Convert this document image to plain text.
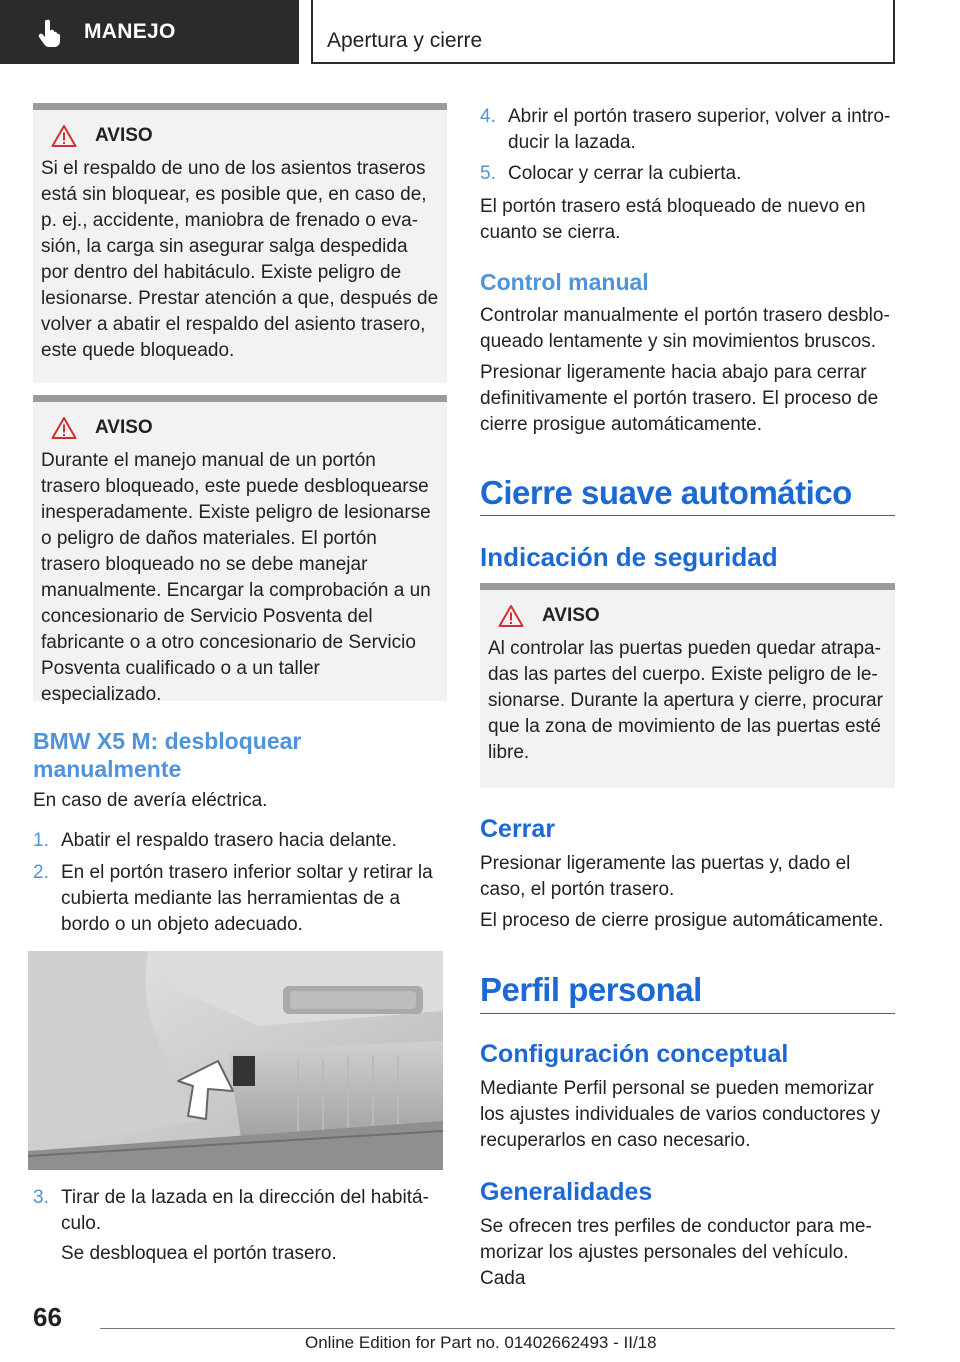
MANEJO	Apertura y cierre
AVISO

Si el respaldo de uno de los asientos traseros está sin bloquear, es posible que, en caso de, p. ej., accidente, maniobra de frenado o evasión, la carga sin asegurar salga despedida por dentro del habitáculo. Existe peligro de lesionarse. Prestar atención a que, después de volver a abatir el respaldo del asiento trasero, este quede bloqueado.

AVISO

Durante el manejo manual de un portón trasero bloqueado, este puede desbloquearse inesperadamente. Existe peligro de lesionarse o peligro de daños materiales. El portón trasero bloqueado no se debe manejar manualmente. Encargar la comprobación a un concesionario de Servicio Posventa del fabricante o a otro concesionario de Servicio Posventa cualificado o a un taller especializado.

BMW X5 M: desbloquear manualmente

En caso de avería eléctrica.

1. Abatir el respaldo trasero hacia delante.
2. En el portón trasero inferior soltar y retirar la cubierta mediante las herramientas de a bordo o un objeto adecuado.
3. Tirar de la lazada en la dirección del habitáculo.

Se desbloquea el portón trasero.

4. Abrir el portón trasero superior, volver a introducir la lazada.
5. Colocar y cerrar la cubierta.

El portón trasero está bloqueado de nuevo en cuanto se cierra.

Control manual

Controlar manualmente el portón trasero desbloqueado lentamente y sin movimientos bruscos.

Presionar ligeramente hacia abajo para cerrar definitivamente el portón trasero. El proceso de cierre prosigue automáticamente.

Cierre suave automático
Indicación de seguridad
AVISO

Al controlar las puertas pueden quedar atrapadas las partes del cuerpo. Existe peligro de lesionarse. Durante la apertura y cierre, procurar que la zona de movimiento de las puertas esté libre.

Cerrar

Presionar ligeramente las puertas y, dado el caso, el portón trasero.

El proceso de cierre prosigue automáticamente.

Perfil personal
Configuración conceptual

Mediante Perfil personal se pueden memorizar los ajustes individuales de varios conductores y recuperarlos en caso necesario.

Generalidades

Se ofrecen tres perfiles de conductor para memorizar los ajustes personales del vehículo. Cada

66
Online Edition for Part no. 01402662493 - II/18
